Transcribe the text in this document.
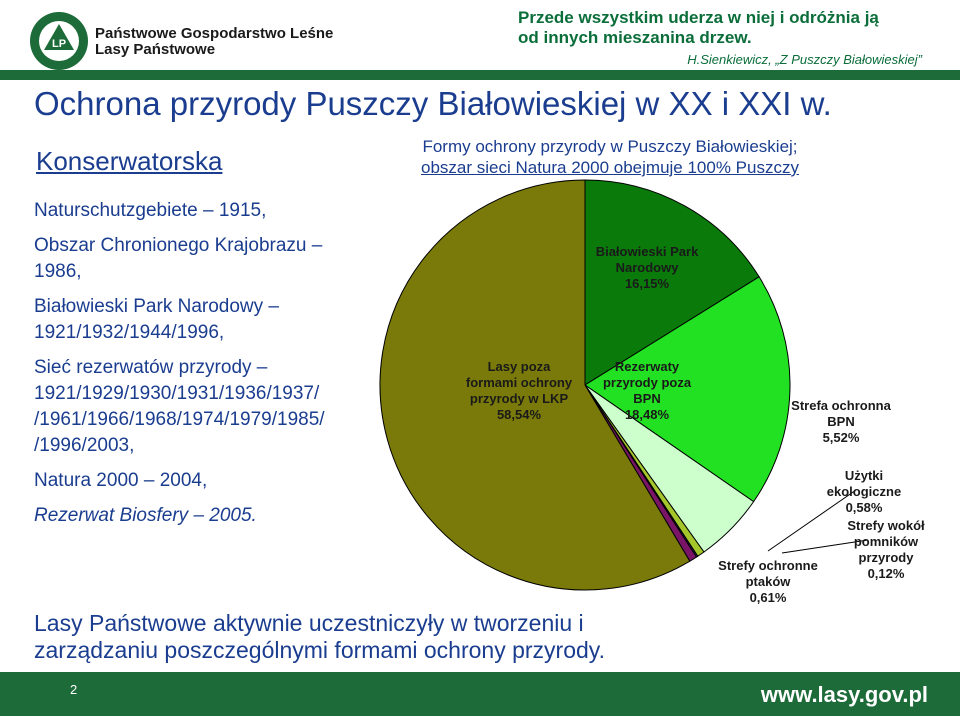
LP
Państwowe Gospodarstwo Leśne
Lasy Państwowe
Przede wszystkim uderza w niej i odróżnia ją
od innych mieszanina drzew.
H.Sienkiewicz, „Z Puszczy Białowieskiej”
Ochrona przyrody Puszczy Białowieskiej w XX i XXI w.
Konserwatorska	Formy ochrony przyrody w Puszczy Białowieskiej;
obszar sieci Natura 2000 obejmuje 100% Puszczy

Naturschutzgebiete – 1915,

Obszar Chronionego Krajobrazu – 1986,

Białowieski Park Narodowy – 1921/1932/1944/1996,

Sieć rezerwatów przyrody – 1921/1929/1930/1931/1936/1937/ /1961/1966/1968/1974/1979/1985/ /1996/2003,

Natura 2000 – 2004,

Rezerwat Biosfery – 2005.

Białowieski Park Narodowy 16,15%
Rezerwaty przyrody poza BPN 18,48%
Strefa ochronna BPN 5,52%
Użytki ekologiczne 0,58%
Strefy wokół pomników przyrody 0,12%
Strefy ochronne ptaków 0,61%
Lasy poza formami ochrony przyrody w LKP 58,54%
Lasy Państwowe aktywnie uczestniczyły w tworzeniu i
zarządzaniu poszczególnymi formami ochrony przyrody.
2	www.lasy.gov.pl
